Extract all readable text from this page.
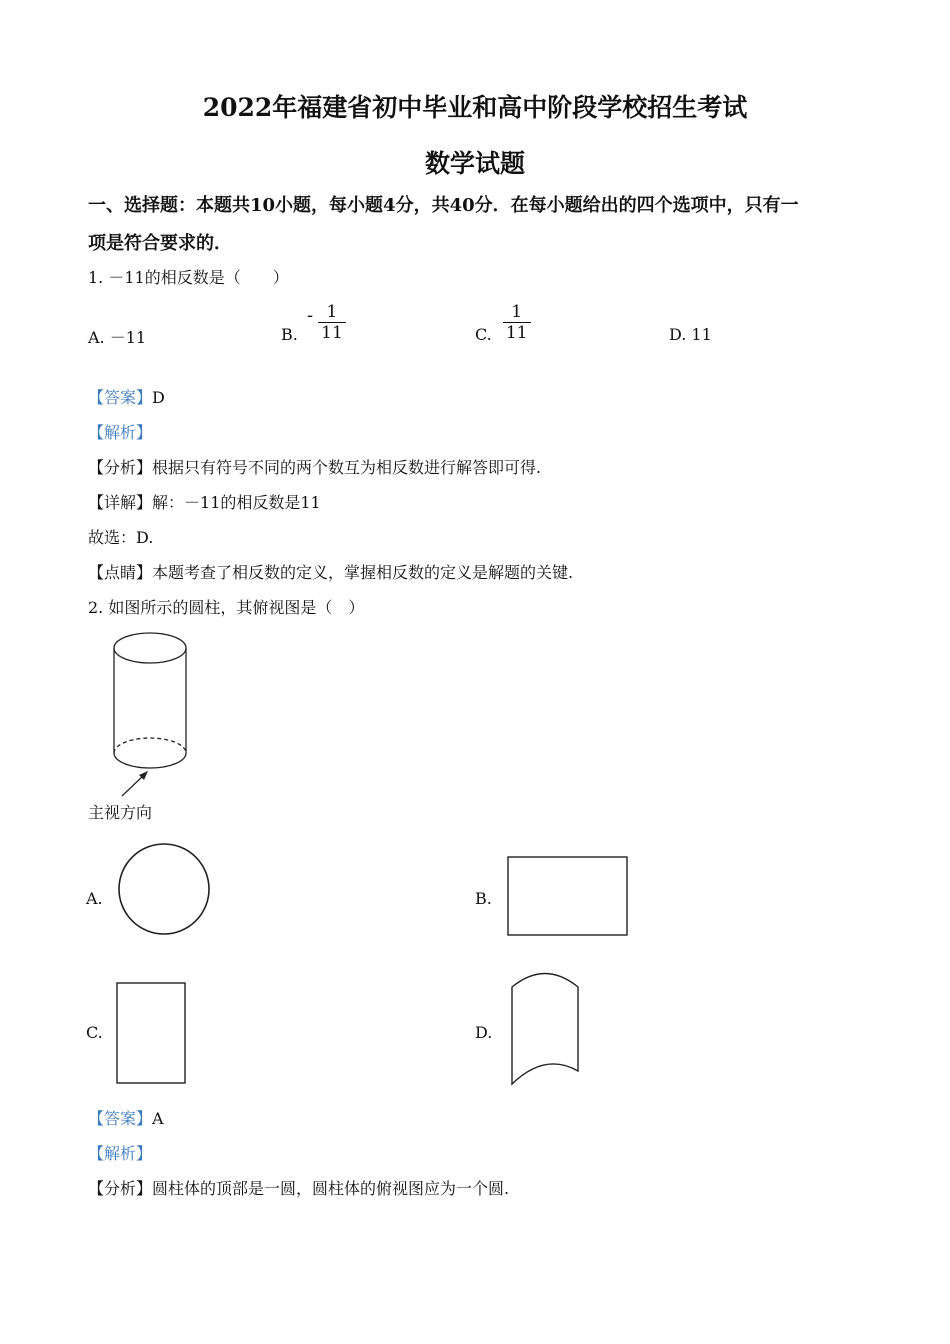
2022年福建省初中毕业和高中阶段学校招生考试
数学试题
一、选择题：本题共10小题，每小题4分，共40分．在每小题给出的四个选项中，只有一
项是符合要求的．
1. －11的相反数是（　　）
A. －11	B. - $\frac{1}{11}$	C. $\frac{1}{11}$	D. 11
【答案】D
【解析】
【分析】根据只有符号不同的两个数互为相反数进行解答即可得.
【详解】解：－11的相反数是11
故选：D.
【点睛】本题考查了相反数的定义，掌握相反数的定义是解题的关键.
2. 如图所示的圆柱，其俯视图是（　）
主视方向
A.	B.
C.	D.
【答案】A
【解析】
【分析】圆柱体的顶部是一圆，圆柱体的俯视图应为一个圆.
